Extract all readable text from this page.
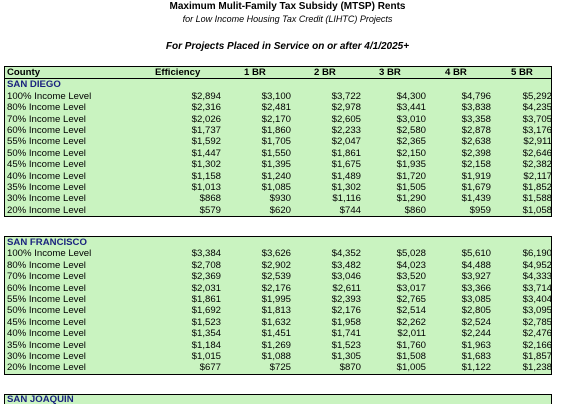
Maximum Mulit-Family Tax Subsidy (MTSP) Rents
for Low Income Housing Tax Credit (LIHTC) Projects
For Projects Placed in Service on or after 4/1/2025+
County	Efficiency	1 BR	2 BR	3 BR	4 BR	5 BR
SAN DIEGO
100% Income Level	$2,894	$3,100	$3,722	$4,300	$4,796	$5,292
80% Income Level	$2,316	$2,481	$2,978	$3,441	$3,838	$4,235
70% Income Level	$2,026	$2,170	$2,605	$3,010	$3,358	$3,705
60% Income Level	$1,737	$1,860	$2,233	$2,580	$2,878	$3,176
55% Income Level	$1,592	$1,705	$2,047	$2,365	$2,638	$2,911
50% Income Level	$1,447	$1,550	$1,861	$2,150	$2,398	$2,646
45% Income Level	$1,302	$1,395	$1,675	$1,935	$2,158	$2,382
40% Income Level	$1,158	$1,240	$1,489	$1,720	$1,919	$2,117
35% Income Level	$1,013	$1,085	$1,302	$1,505	$1,679	$1,852
30% Income Level	$868	$930	$1,116	$1,290	$1,439	$1,588
20% Income Level	$579	$620	$744	$860	$959	$1,058
SAN FRANCISCO
100% Income Level	$3,384	$3,626	$4,352	$5,028	$5,610	$6,190
80% Income Level	$2,708	$2,902	$3,482	$4,023	$4,488	$4,952
70% Income Level	$2,369	$2,539	$3,046	$3,520	$3,927	$4,333
60% Income Level	$2,031	$2,176	$2,611	$3,017	$3,366	$3,714
55% Income Level	$1,861	$1,995	$2,393	$2,765	$3,085	$3,404
50% Income Level	$1,692	$1,813	$2,176	$2,514	$2,805	$3,095
45% Income Level	$1,523	$1,632	$1,958	$2,262	$2,524	$2,785
40% Income Level	$1,354	$1,451	$1,741	$2,011	$2,244	$2,476
35% Income Level	$1,184	$1,269	$1,523	$1,760	$1,963	$2,166
30% Income Level	$1,015	$1,088	$1,305	$1,508	$1,683	$1,857
20% Income Level	$677	$725	$870	$1,005	$1,122	$1,238
SAN JOAQUIN
